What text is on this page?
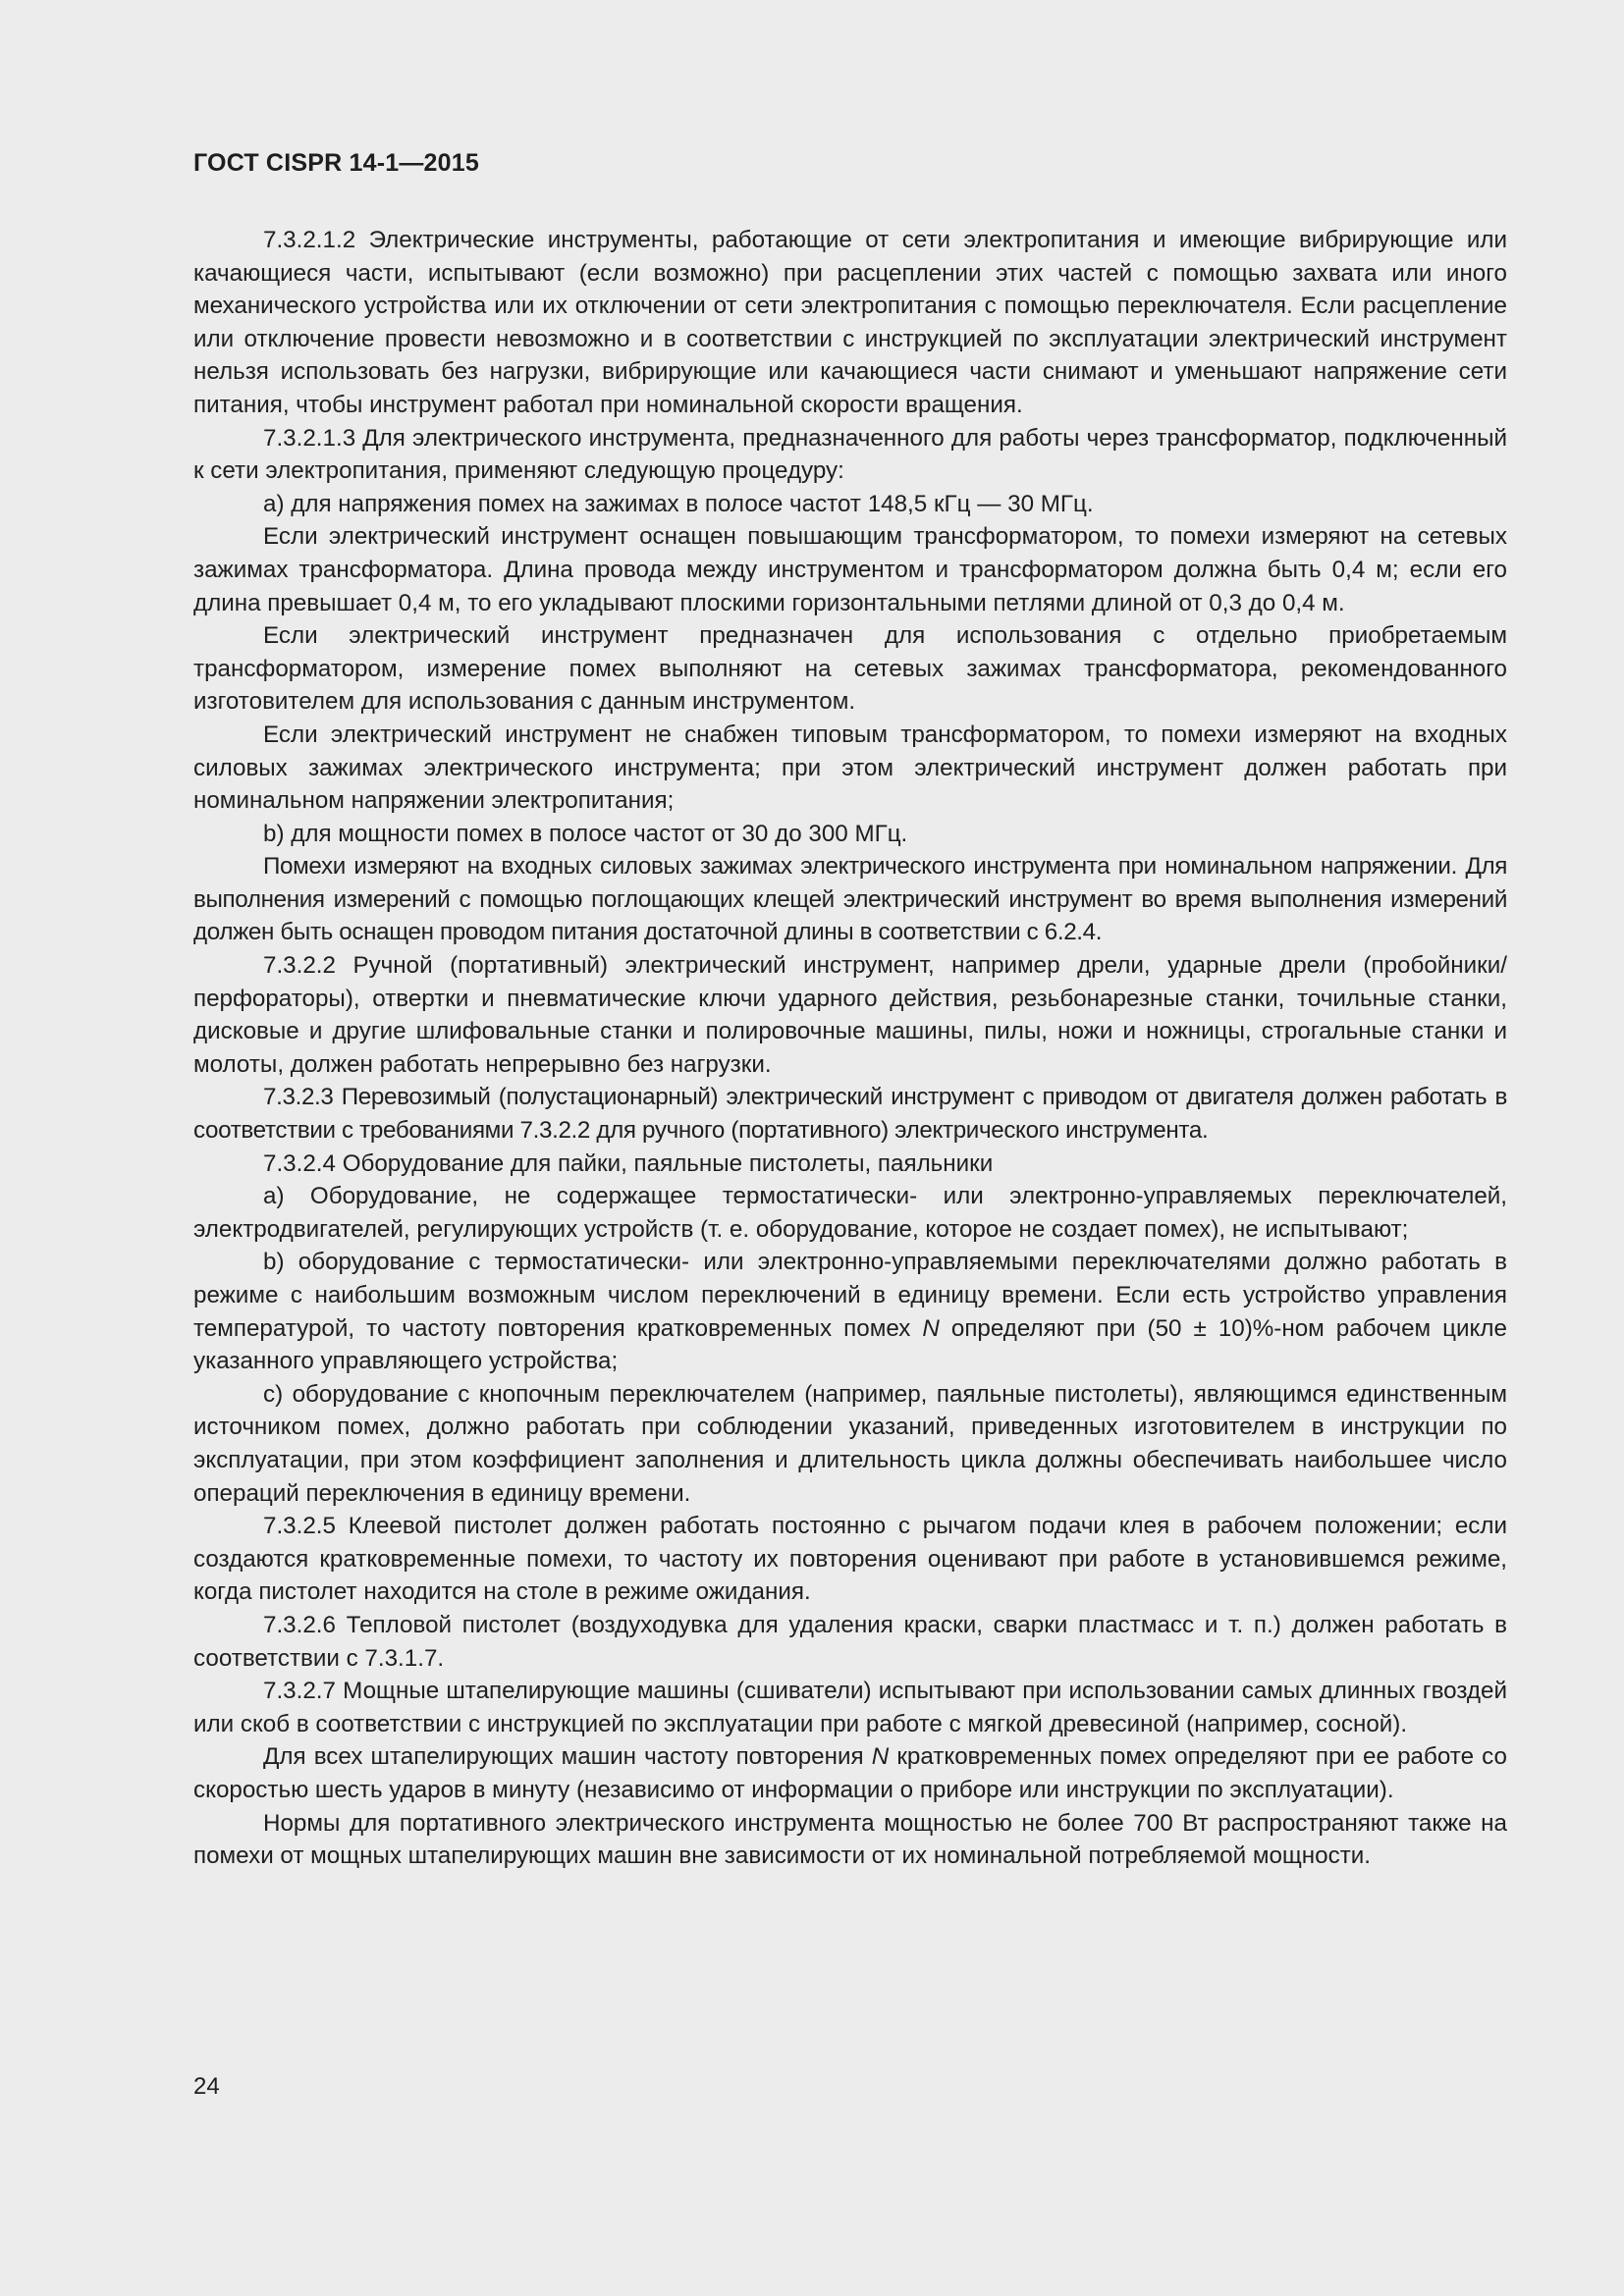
ГОСТ CISPR 14-1—2015

7.3.2.1.2 Электрические инструменты, работающие от сети электропитания и имеющие вибрирующие или качающиеся части, испытывают (если возможно) при расцеплении этих частей с помощью захвата или иного механического устройства или их отключении от сети электропитания с помощью переключателя. Если расцепление или отключение провести невозможно и в соответствии с инструкцией по эксплуатации электрический инструмент нельзя использовать без нагрузки, вибрирующие или качающиеся части снимают и уменьшают напряжение сети питания, чтобы инструмент работал при номинальной скорости вращения.

7.3.2.1.3 Для электрического инструмента, предназначенного для работы через трансформатор, подключенный к сети электропитания, применяют следующую процедуру:

a) для напряжения помех на зажимах в полосе частот 148,5 кГц — 30 МГц.

Если электрический инструмент оснащен повышающим трансформатором, то помехи измеряют на сетевых зажимах трансформатора. Длина провода между инструментом и трансформатором должна быть 0,4 м; если его длина превышает 0,4 м, то его укладывают плоскими горизонтальными петлями длиной от 0,3 до 0,4 м.

Если электрический инструмент предназначен для использования с отдельно приобретаемым трансформатором, измерение помех выполняют на сетевых зажимах трансформатора, рекомендованного изготовителем для использования с данным инструментом.

Если электрический инструмент не снабжен типовым трансформатором, то помехи измеряют на входных силовых зажимах электрического инструмента; при этом электрический инструмент должен работать при номинальном напряжении электропитания;

b) для мощности помех в полосе частот от 30 до 300 МГц.

Помехи измеряют на входных силовых зажимах электрического инструмента при номинальном напряжении. Для выполнения измерений с помощью поглощающих клещей электрический инструмент во время выполнения измерений должен быть оснащен проводом питания достаточной длины в соответствии с 6.2.4.

7.3.2.2 Ручной (портативный) электрический инструмент, например дрели, ударные дрели (пробойники/перфораторы), отвертки и пневматические ключи ударного действия, резьбонарезные станки, точильные станки, дисковые и другие шлифовальные станки и полировочные машины, пилы, ножи и ножницы, строгальные станки и молоты, должен работать непрерывно без нагрузки.

7.3.2.3 Перевозимый (полустационарный) электрический инструмент с приводом от двигателя должен работать в соответствии с требованиями 7.3.2.2 для ручного (портативного) электрического инструмента.

7.3.2.4 Оборудование для пайки, паяльные пистолеты, паяльники

a) Оборудование, не содержащее термостатически- или электронно-управляемых переключателей, электродвигателей, регулирующих устройств (т. е. оборудование, которое не создает помех), не испытывают;

b) оборудование с термостатически- или электронно-управляемыми переключателями должно работать в режиме с наибольшим возможным числом переключений в единицу времени. Если есть устройство управления температурой, то частоту повторения кратковременных помех N определяют при (50 ± 10)%-ном рабочем цикле указанного управляющего устройства;

c) оборудование с кнопочным переключателем (например, паяльные пистолеты), являющимся единственным источником помех, должно работать при соблюдении указаний, приведенных изготовителем в инструкции по эксплуатации, при этом коэффициент заполнения и длительность цикла должны обеспечивать наибольшее число операций переключения в единицу времени.

7.3.2.5 Клеевой пистолет должен работать постоянно с рычагом подачи клея в рабочем положении; если создаются кратковременные помехи, то частоту их повторения оценивают при работе в установившемся режиме, когда пистолет находится на столе в режиме ожидания.

7.3.2.6 Тепловой пистолет (воздуходувка для удаления краски, сварки пластмасс и т. п.) должен работать в соответствии с 7.3.1.7.

7.3.2.7 Мощные штапелирующие машины (сшиватели) испытывают при использовании самых длинных гвоздей или скоб в соответствии с инструкцией по эксплуатации при работе с мягкой древесиной (например, сосной).

Для всех штапелирующих машин частоту повторения N кратковременных помех определяют при ее работе со скоростью шесть ударов в минуту (независимо от информации о приборе или инструкции по эксплуатации).

Нормы для портативного электрического инструмента мощностью не более 700 Вт распространяют также на помехи от мощных штапелирующих машин вне зависимости от их номинальной потребляемой мощности.

24
